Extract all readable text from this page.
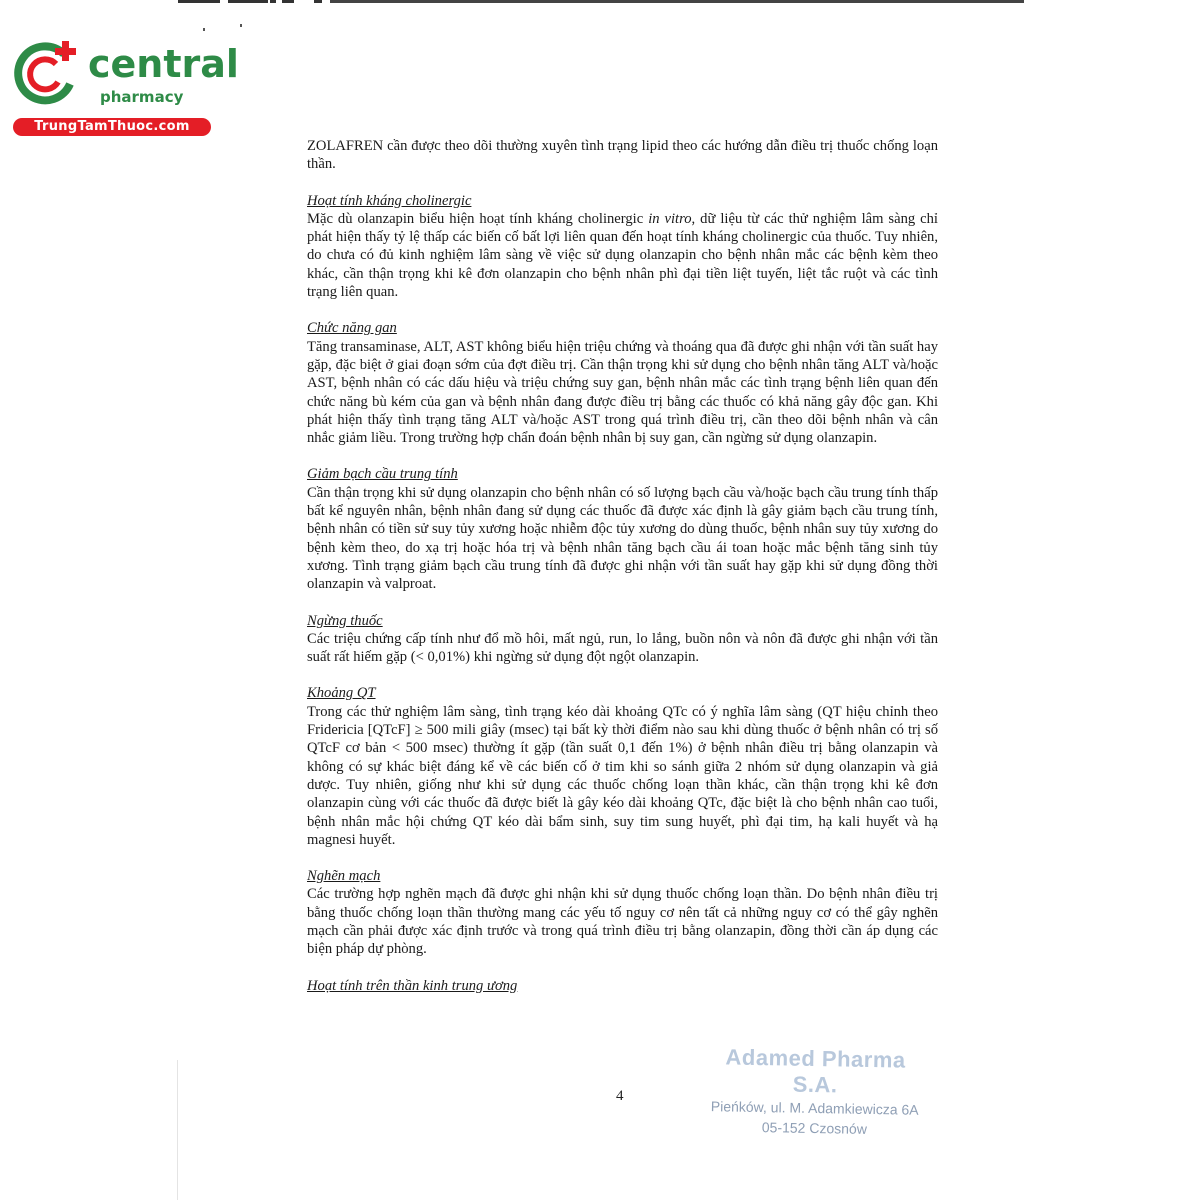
central
pharmacy
TrungTamThuoc.com

ZOLAFREN cần được theo dõi thường xuyên tình trạng lipid theo các hướng dẫn điều trị thuốc chống loạn thần.

Hoạt tính kháng cholinergic

Mặc dù olanzapin biểu hiện hoạt tính kháng cholinergic in vitro, dữ liệu từ các thử nghiệm lâm sàng chỉ phát hiện thấy tỷ lệ thấp các biến cố bất lợi liên quan đến hoạt tính kháng cholinergic của thuốc. Tuy nhiên, do chưa có đủ kinh nghiệm lâm sàng về việc sử dụng olanzapin cho bệnh nhân mắc các bệnh kèm theo khác, cần thận trọng khi kê đơn olanzapin cho bệnh nhân phì đại tiền liệt tuyến, liệt tắc ruột và các tình trạng liên quan.

Chức năng gan

Tăng transaminase, ALT, AST không biểu hiện triệu chứng và thoáng qua đã được ghi nhận với tần suất hay gặp, đặc biệt ở giai đoạn sớm của đợt điều trị. Cần thận trọng khi sử dụng cho bệnh nhân tăng ALT và/hoặc AST, bệnh nhân có các dấu hiệu và triệu chứng suy gan, bệnh nhân mắc các tình trạng bệnh liên quan đến chức năng bù kém của gan và bệnh nhân đang được điều trị bằng các thuốc có khả năng gây độc gan. Khi phát hiện thấy tình trạng tăng ALT và/hoặc AST trong quá trình điều trị, cần theo dõi bệnh nhân và cân nhắc giảm liều. Trong trường hợp chẩn đoán bệnh nhân bị suy gan, cần ngừng sử dụng olanzapin.

Giảm bạch cầu trung tính

Cần thận trọng khi sử dụng olanzapin cho bệnh nhân có số lượng bạch cầu và/hoặc bạch cầu trung tính thấp bất kể nguyên nhân, bệnh nhân đang sử dụng các thuốc đã được xác định là gây giảm bạch cầu trung tính, bệnh nhân có tiền sử suy tủy xương hoặc nhiễm độc tủy xương do dùng thuốc, bệnh nhân suy tủy xương do bệnh kèm theo, do xạ trị hoặc hóa trị và bệnh nhân tăng bạch cầu ái toan hoặc mắc bệnh tăng sinh tủy xương. Tình trạng giảm bạch cầu trung tính đã được ghi nhận với tần suất hay gặp khi sử dụng đồng thời olanzapin và valproat.

Ngừng thuốc

Các triệu chứng cấp tính như đổ mồ hôi, mất ngủ, run, lo lắng, buồn nôn và nôn đã được ghi nhận với tần suất rất hiếm gặp (< 0,01%) khi ngừng sử dụng đột ngột olanzapin.

Khoảng QT

Trong các thử nghiệm lâm sàng, tình trạng kéo dài khoảng QTc có ý nghĩa lâm sàng (QT hiệu chỉnh theo Fridericia [QTcF] ≥ 500 mili giây (msec) tại bất kỳ thời điểm nào sau khi dùng thuốc ở bệnh nhân có trị số QTcF cơ bản < 500 msec) thường ít gặp (tần suất 0,1 đến 1%) ở bệnh nhân điều trị bằng olanzapin và không có sự khác biệt đáng kể về các biến cố ở tim khi so sánh giữa 2 nhóm sử dụng olanzapin và giả dược. Tuy nhiên, giống như khi sử dụng các thuốc chống loạn thần khác, cần thận trọng khi kê đơn olanzapin cùng với các thuốc đã được biết là gây kéo dài khoảng QTc, đặc biệt là cho bệnh nhân cao tuổi, bệnh nhân mắc hội chứng QT kéo dài bẩm sinh, suy tim sung huyết, phì đại tim, hạ kali huyết và hạ magnesi huyết.

Nghẽn mạch

Các trường hợp nghẽn mạch đã được ghi nhận khi sử dụng thuốc chống loạn thần. Do bệnh nhân điều trị bằng thuốc chống loạn thần thường mang các yếu tố nguy cơ nên tất cả những nguy cơ có thể gây nghẽn mạch cần phải được xác định trước và trong quá trình điều trị bằng olanzapin, đồng thời cần áp dụng các biện pháp dự phòng.

Hoạt tính trên thần kinh trung ương
4
Adamed Pharma S.A.
Pieńków, ul. M. Adamkiewicza 6A
05-152 Czosnów
